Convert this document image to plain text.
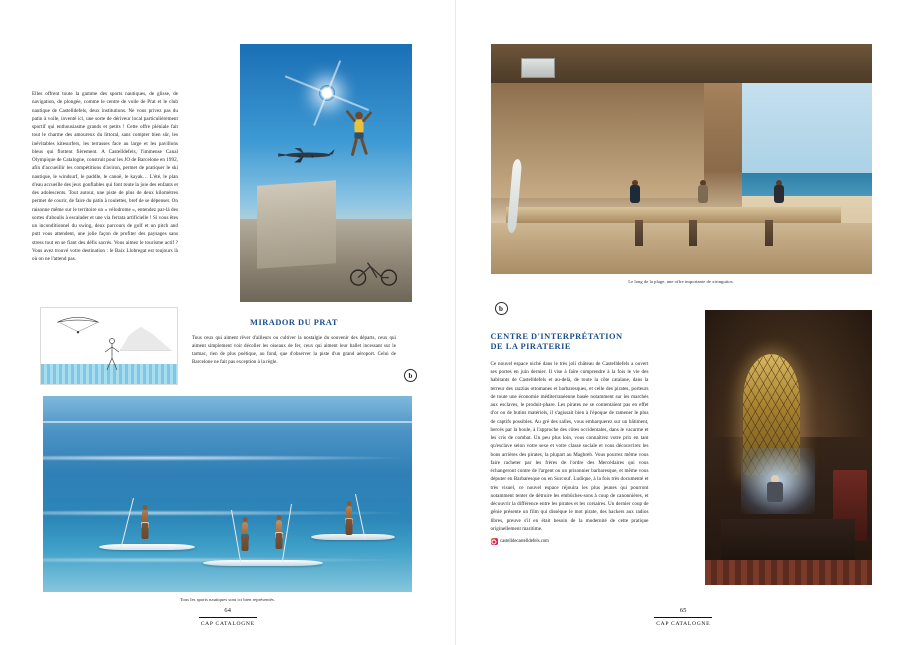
Elles offrent toute la gamme des sports nautiques, de glisse, de navigation, de plongée, comme le centre de voile de Prat et le club nautique de Castelldefels, deux institutions. Ne vous privez pas du patin à voile, inventé ici, une sorte de dériveur local particulièrement sportif qui enthousiasme grands et petits ! Cette offre pléniale fait tout le charme des amoureux du littoral, sans compter bien sûr, les inévitables kitesurfers, les terrasses face au large et les pavillons bleus qui flottent fièrement. A Castelldefels, l'immense Canal Olympique de Catalogne, construit pour les JO de Barcelone en 1992, afin d'accueillir les compétitions d'aviron, permet de pratiquer le ski nautique, le windsurf, le paddle, le canoë, le kayak… L'été, le plan d'eau accueille des jeux gonflables qui font toute la joie des enfants et des adolescents. Tout autour, une piste de plus de deux kilomètres permet de courir, de faire du patin à roulettes, bref de se dépenser. On raisonne même sur le territoire un « vélodrome », entendez par-là des sortes d'aboulis à escalader et une via ferrata artificielle ! Si vous êtes un inconditionnel du swing, deux parcours de golf et un pitch and putt vous attendent, une jolie façon de profiter des paysages sans stress tout en se fiant des défis sacrés. Vous aimez le tourisme actif ? Vous avez trouvé votre destination : le Baix Llobregat est toujours là où on ne l'attend pas.
MIRADOR DU PRAT
Tous ceux qui aiment rêver d'ailleurs ou cultiver la nostalgie du souvenir des départs, ceux qui aiment simplement voir décoller les oiseaux de fer, ceux qui aiment leur ballet incessant sur le tarmac, rien de plus poétique, au fond, que d'observer la piste d'un grand aéroport. Celui de Barcelone ne fait pas exception à la règle.
b
Tous les sports nautiques sont ici bien représentés.
64
CAP CATALOGNE
Le long de la plage, une offre importante de xiringuitos.
b
CENTRE D'INTERPRÉTATION
DE LA PIRATERIE
Ce nouvel espace niché dans le très joli château de Castelldefels a ouvert ses portes en juin dernier. Il vise à faire comprendre à la fois le vie des habitants de Castelldefels et au-delà, de toute la côte catalane, dans la terreur des razzias ottomanes et barbaresques, et celle des pirates, porteurs de toute une économie méditerranéenne basée notamment sur les marchés aux esclaves, le produit-phare. Les pirates ne se contentaient pas en effet d'or ou de butins matériels, il s'agissait bien à l'époque de ramener le plus de captifs possibles. Au gré des salles, vous embarquerez sur un bâtiment, bercés par la houle, à l'approche des côtes occidentales, dans le vacarme et les cris de combat. Un peu plus loin, vous connaîtrez votre prix en tant qu'esclave selon votre sexe et votre classe sociale et vous découvrirez les bons arrières des pirates, la plupart au Maghreb. Vous pourrez même vous faire racheter par les frères de l'ordre des Mercédaires qui vous échangeront contre de l'argent ou un prisonnier barbaresque, et même vous députer en Barbaresque ou en Surcouf. Ludique, à la fois très documenté et très visuel, ce nouvel espace réjouira les plus jeunes qui pourront notamment tenter de détruire les embûches-sons à coup de canonnières, et découvrir la différence entre les pirates et les corsaires. Un dernier coup de génie présente un film qui dissèque le mot pirate, des hackers aux radios libres, preuve s'il en était besoin de la modernité de cette pratique originellement maritime.
castelldecastelldefels.com
65
CAP CATALOGNE
